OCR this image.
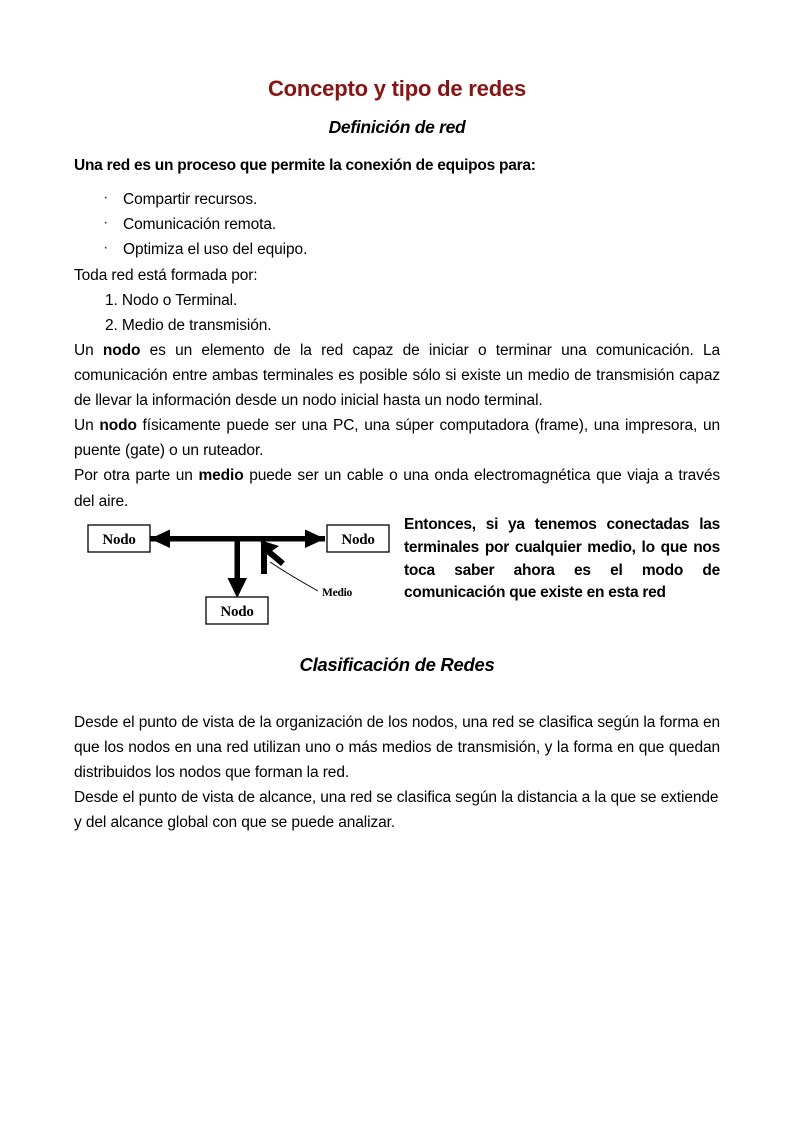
Concepto y tipo de redes
Definición de red

Una red es un proceso que permite la conexión de equipos para:

· Compartir recursos.
· Comunicación remota.
· Optimiza el uso del equipo.
Toda red está formada por:
1. Nodo o Terminal.
2. Medio de transmisión.

Un nodo es un elemento de la red capaz de iniciar o terminar una comunicación. La comunicación entre ambas terminales es posible sólo si existe un medio de transmisión capaz de llevar la información desde un nodo inicial hasta un nodo terminal.

Un nodo físicamente puede ser una PC, una súper computadora (frame), una impresora, un puente (gate) o un ruteador.

Por otra parte un medio puede ser un cable o una onda electromagnética que viaja a través del aire.

Nodo	Nodo
Nodo
Medio
Entonces, si ya tenemos conectadas las terminales por cualquier medio, lo que nos toca saber ahora es el modo de comunicación que existe en esta red
Clasificación de Redes

Desde el punto de vista de la organización de los nodos, una red se clasifica según la forma en que los nodos en una red utilizan uno o más medios de transmisión, y la forma en que quedan distribuidos los nodos que forman la red.

Desde el punto de vista de alcance, una red se clasifica según la distancia a la que se extiende y del alcance global con que se puede analizar.
